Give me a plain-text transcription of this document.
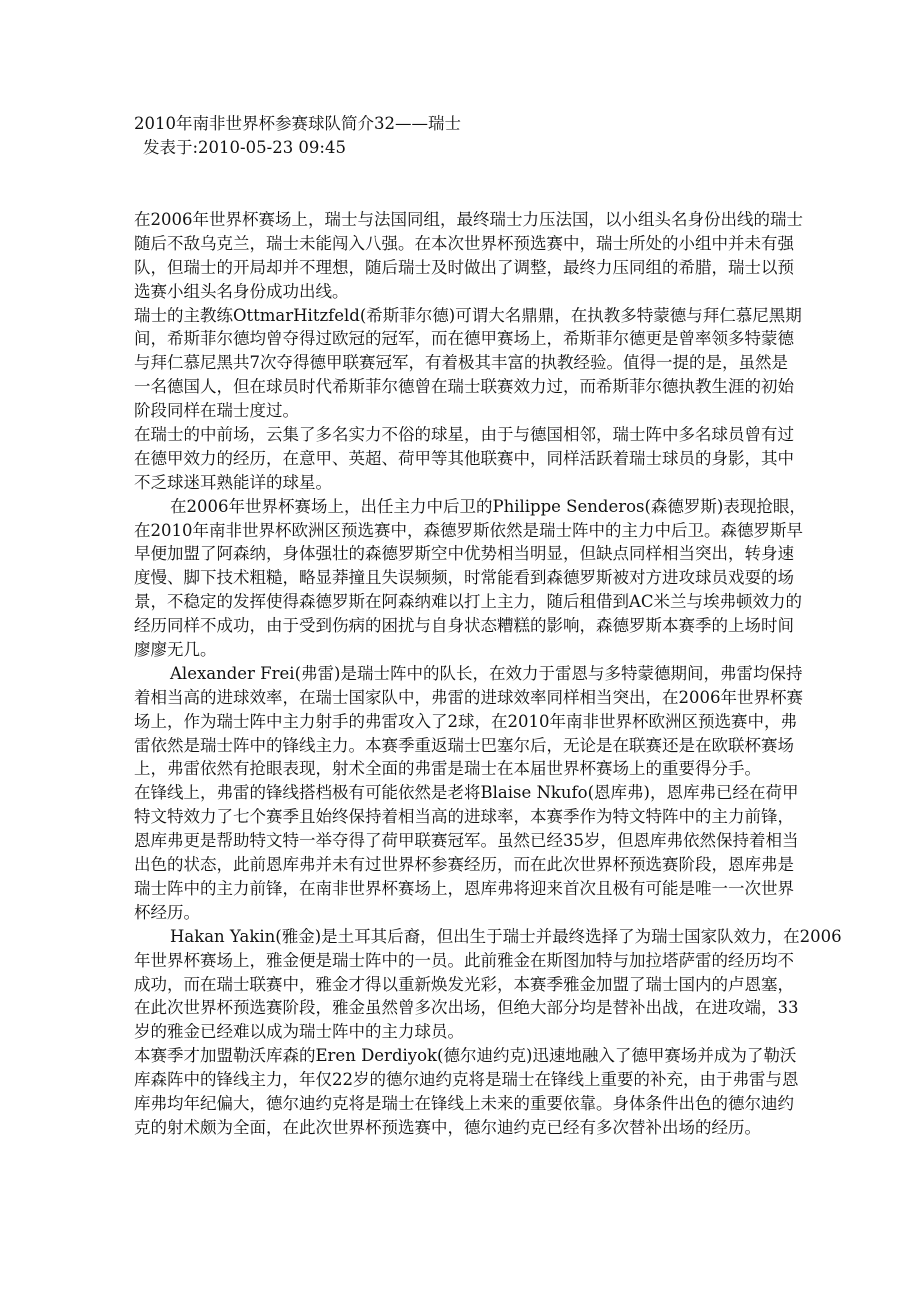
2010年南非世界杯参赛球队简介32——瑞士
发表于:2010-05-23 09:45
在2006年世界杯赛场上，瑞士与法国同组，最终瑞士力压法国，以小组头名身份出线的瑞士
随后不敌乌克兰，瑞士未能闯入八强。在本次世界杯预选赛中，瑞士所处的小组中并未有强
队，但瑞士的开局却并不理想，随后瑞士及时做出了调整，最终力压同组的希腊，瑞士以预
选赛小组头名身份成功出线。
瑞士的主教练OttmarHitzfeld(希斯菲尔德)可谓大名鼎鼎，在执教多特蒙德与拜仁慕尼黑期
间，希斯菲尔德均曾夺得过欧冠的冠军，而在德甲赛场上，希斯菲尔德更是曾率领多特蒙德
与拜仁慕尼黑共7次夺得德甲联赛冠军，有着极其丰富的执教经验。值得一提的是，虽然是
一名德国人，但在球员时代希斯菲尔德曾在瑞士联赛效力过，而希斯菲尔德执教生涯的初始
阶段同样在瑞士度过。
在瑞士的中前场，云集了多名实力不俗的球星，由于与德国相邻，瑞士阵中多名球员曾有过
在德甲效力的经历，在意甲、英超、荷甲等其他联赛中，同样活跃着瑞士球员的身影，其中
不乏球迷耳熟能详的球星。
在2006年世界杯赛场上，出任主力中后卫的Philippe Senderos(森德罗斯)表现抢眼，
在2010年南非世界杯欧洲区预选赛中，森德罗斯依然是瑞士阵中的主力中后卫。森德罗斯早
早便加盟了阿森纳，身体强壮的森德罗斯空中优势相当明显，但缺点同样相当突出，转身速
度慢、脚下技术粗糙，略显莽撞且失误频频，时常能看到森德罗斯被对方进攻球员戏耍的场
景，不稳定的发挥使得森德罗斯在阿森纳难以打上主力，随后租借到AC米兰与埃弗顿效力的
经历同样不成功，由于受到伤病的困扰与自身状态糟糕的影响，森德罗斯本赛季的上场时间
廖廖无几。
Alexander Frei(弗雷)是瑞士阵中的队长，在效力于雷恩与多特蒙德期间，弗雷均保持
着相当高的进球效率，在瑞士国家队中，弗雷的进球效率同样相当突出，在2006年世界杯赛
场上，作为瑞士阵中主力射手的弗雷攻入了2球，在2010年南非世界杯欧洲区预选赛中，弗
雷依然是瑞士阵中的锋线主力。本赛季重返瑞士巴塞尔后，无论是在联赛还是在欧联杯赛场
上，弗雷依然有抢眼表现，射术全面的弗雷是瑞士在本届世界杯赛场上的重要得分手。
在锋线上，弗雷的锋线搭档极有可能依然是老将Blaise Nkufo(恩库弗)，恩库弗已经在荷甲
特文特效力了七个赛季且始终保持着相当高的进球率，本赛季作为特文特阵中的主力前锋，
恩库弗更是帮助特文特一举夺得了荷甲联赛冠军。虽然已经35岁，但恩库弗依然保持着相当
出色的状态，此前恩库弗并未有过世界杯参赛经历，而在此次世界杯预选赛阶段，恩库弗是
瑞士阵中的主力前锋，在南非世界杯赛场上，恩库弗将迎来首次且极有可能是唯一一次世界
杯经历。
Hakan Yakin(雅金)是土耳其后裔，但出生于瑞士并最终选择了为瑞士国家队效力，在2006
年世界杯赛场上，雅金便是瑞士阵中的一员。此前雅金在斯图加特与加拉塔萨雷的经历均不
成功，而在瑞士联赛中，雅金才得以重新焕发光彩，本赛季雅金加盟了瑞士国内的卢恩塞，
在此次世界杯预选赛阶段，雅金虽然曾多次出场，但绝大部分均是替补出战，在进攻端，33
岁的雅金已经难以成为瑞士阵中的主力球员。
本赛季才加盟勒沃库森的Eren Derdiyok(德尔迪约克)迅速地融入了德甲赛场并成为了勒沃
库森阵中的锋线主力，年仅22岁的德尔迪约克将是瑞士在锋线上重要的补充，由于弗雷与恩
库弗均年纪偏大，德尔迪约克将是瑞士在锋线上未来的重要依靠。身体条件出色的德尔迪约
克的射术颇为全面，在此次世界杯预选赛中，德尔迪约克已经有多次替补出场的经历。
